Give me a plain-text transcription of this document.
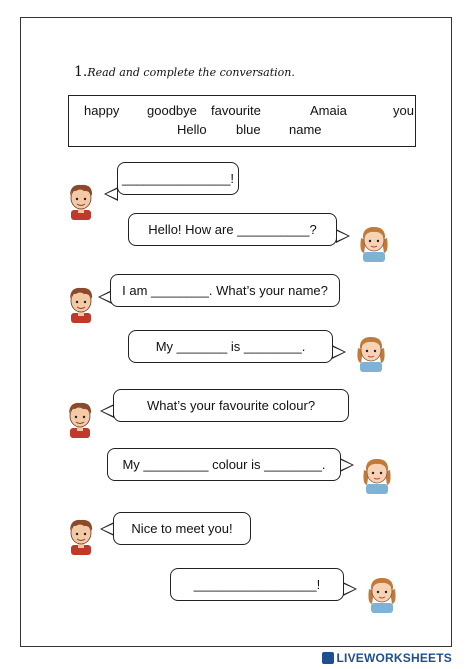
1.Read and complete the conversation.
happy goodbye favourite	Amaia	you
Hello blue name
_______________!
Hello! How are __________?
I am ________. What’s your name?
My _______ is ________.
What’s your favourite colour?
My _________ colour is ________.
Nice to meet you!
_________________!
LIVEWORKSHEETS
